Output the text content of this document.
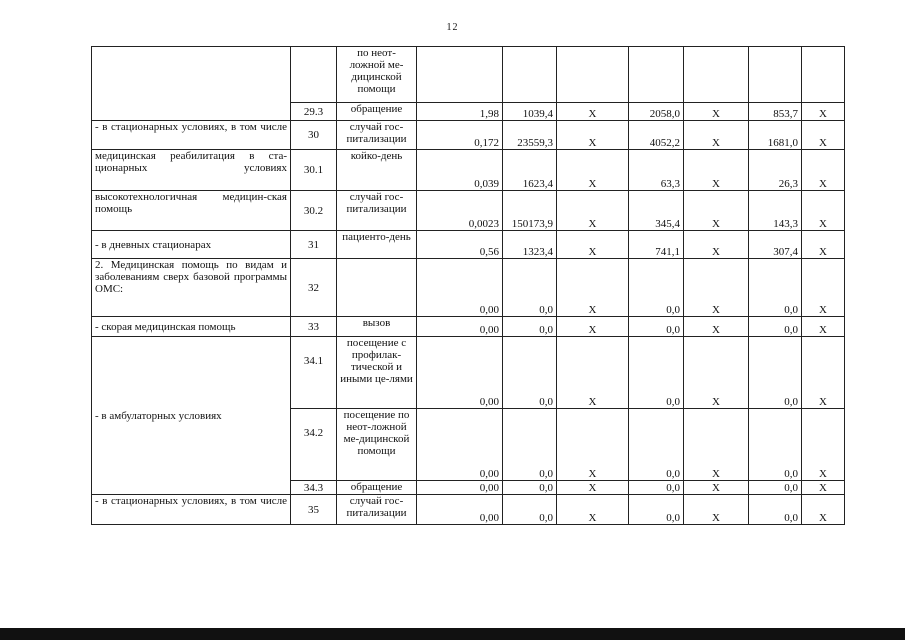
12
		по неот-ложной ме-дицинской помощи							
	29.3	обращение	1,98	1039,4	X	2058,0	X	853,7	X
- в стационарных условиях, в том числе	30	случай гос-питализации	0,172	23559,3	X	4052,2	X	1681,0	X
медицинская реабилитация в ста-ционарных условиях	30.1	койко-день	0,039	1623,4	X	63,3	X	26,3	X
высокотехнологичная медицин-ская помощь	30.2	случай гос-питализации	0,0023	150173,9	X	345,4	X	143,3	X
- в дневных стационарах	31	пациенто-день	0,56	1323,4	X	741,1	X	307,4	X
2. Медицинская помощь по видам и заболеваниям сверх базовой программы ОМС:	32		0,00	0,0	X	0,0	X	0,0	X
- скорая медицинская помощь	33	вызов	0,00	0,0	X	0,0	X	0,0	X
- в амбулаторных условиях	34.1	посещение с профилак-тической и иными це-лями	0,00	0,0	X	0,0	X	0,0	X
	34.2	посещение по неот-ложной ме-дицинской помощи	0,00	0,0	X	0,0	X	0,0	X
	34.3	обращение	0,00	0,0	X	0,0	X	0,0	X
- в стационарных условиях, в том числе	35	случай гос-питализации	0,00	0,0	X	0,0	X	0,0	X
